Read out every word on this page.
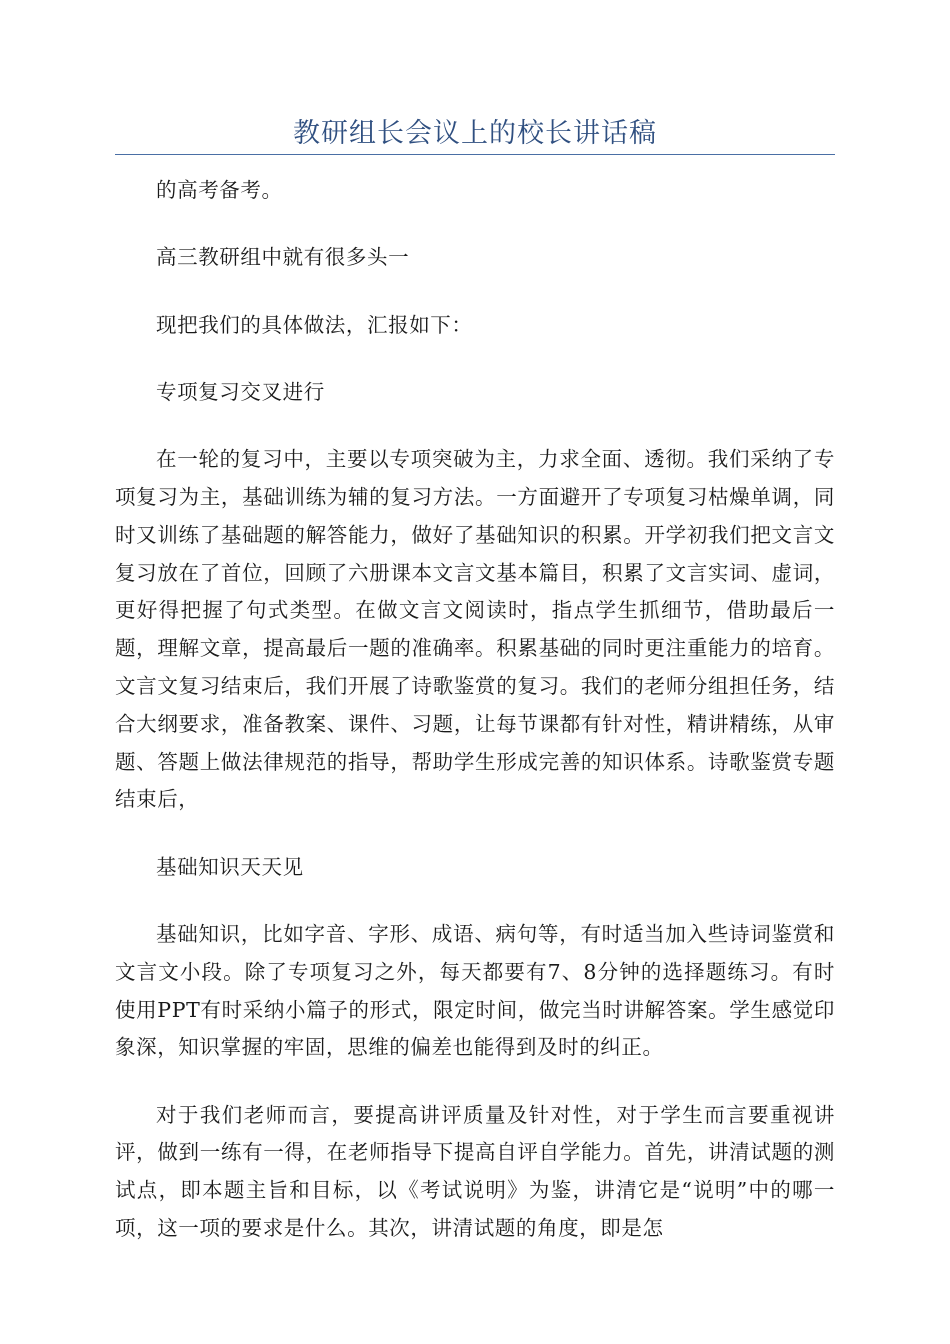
教研组长会议上的校长讲话稿

的高考备考。

高三教研组中就有很多头一

现把我们的具体做法，汇报如下：

专项复习交叉进行

在一轮的复习中，主要以专项突破为主，力求全面、透彻。我们采纳了专项复习为主，基础训练为辅的复习方法。一方面避开了专项复习枯燥单调，同时又训练了基础题的解答能力，做好了基础知识的积累。开学初我们把文言文复习放在了首位，回顾了六册课本文言文基本篇目，积累了文言实词、虚词，更好得把握了句式类型。在做文言文阅读时，指点学生抓细节，借助最后一题，理解文章，提高最后一题的准确率。积累基础的同时更注重能力的培育。文言文复习结束后，我们开展了诗歌鉴赏的复习。我们的老师分组担任务，结合大纲要求，准备教案、课件、习题，让每节课都有针对性，精讲精练，从审题、答题上做法律规范的指导，帮助学生形成完善的知识体系。诗歌鉴赏专题结束后，

基础知识天天见

基础知识，比如字音、字形、成语、病句等，有时适当加入些诗词鉴赏和文言文小段。除了专项复习之外，每天都要有7、8分钟的选择题练习。有时使用PPT有时采纳小篇子的形式，限定时间，做完当时讲解答案。学生感觉印象深，知识掌握的牢固，思维的偏差也能得到及时的纠正。

对于我们老师而言，要提高讲评质量及针对性，对于学生而言要重视讲评，做到一练有一得，在老师指导下提高自评自学能力。首先，讲清试题的测试点，即本题主旨和目标，以《考试说明》为鉴，讲清它是“说明”中的哪一项，这一项的要求是什么。其次，讲清试题的角度，即是怎
